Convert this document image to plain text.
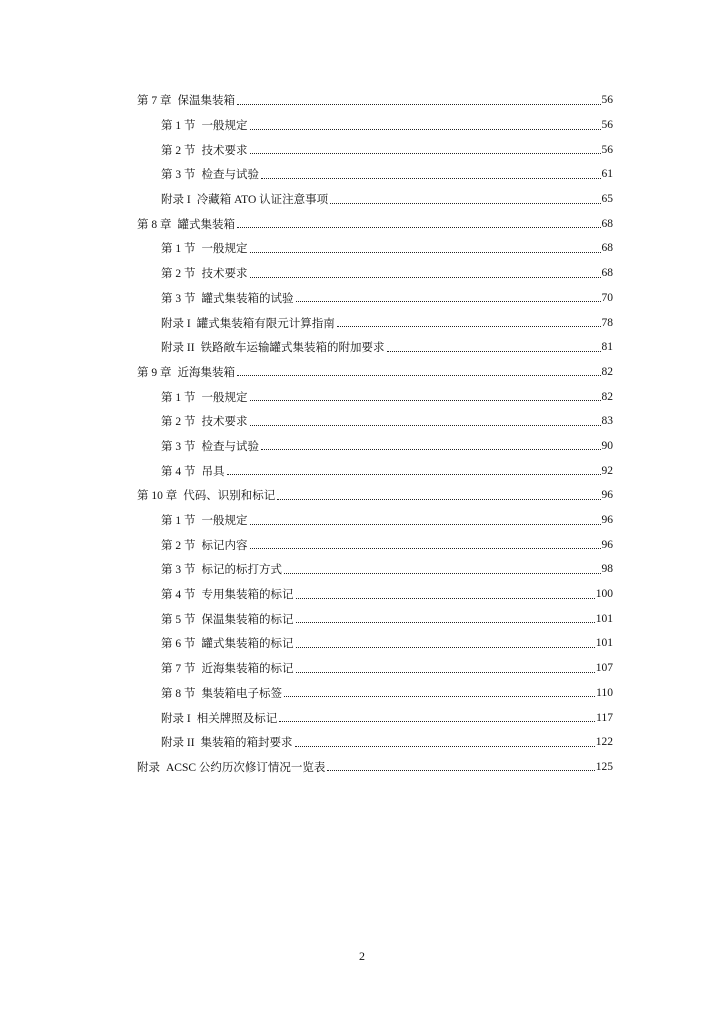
第 7 章 保温集装箱	56
第 1 节 一般规定	56
第 2 节 技术要求	56
第 3 节 检查与试验	61
附录 I 冷藏箱 ATO 认证注意事项	65
第 8 章 罐式集装箱	68
第 1 节 一般规定	68
第 2 节 技术要求	68
第 3 节 罐式集装箱的试验	70
附录 I 罐式集装箱有限元计算指南	78
附录 II 铁路敞车运输罐式集装箱的附加要求	81
第 9 章 近海集装箱	82
第 1 节 一般规定	82
第 2 节 技术要求	83
第 3 节 检查与试验	90
第 4 节 吊具	92
第 10 章 代码、识别和标记	96
第 1 节 一般规定	96
第 2 节 标记内容	96
第 3 节 标记的标打方式	98
第 4 节 专用集装箱的标记	100
第 5 节 保温集装箱的标记	101
第 6 节 罐式集装箱的标记	101
第 7 节 近海集装箱的标记	107
第 8 节 集装箱电子标签	110
附录 I 相关牌照及标记	117
附录 II 集装箱的箱封要求	122
附录 ACSC 公约历次修订情况一览表	125
2
